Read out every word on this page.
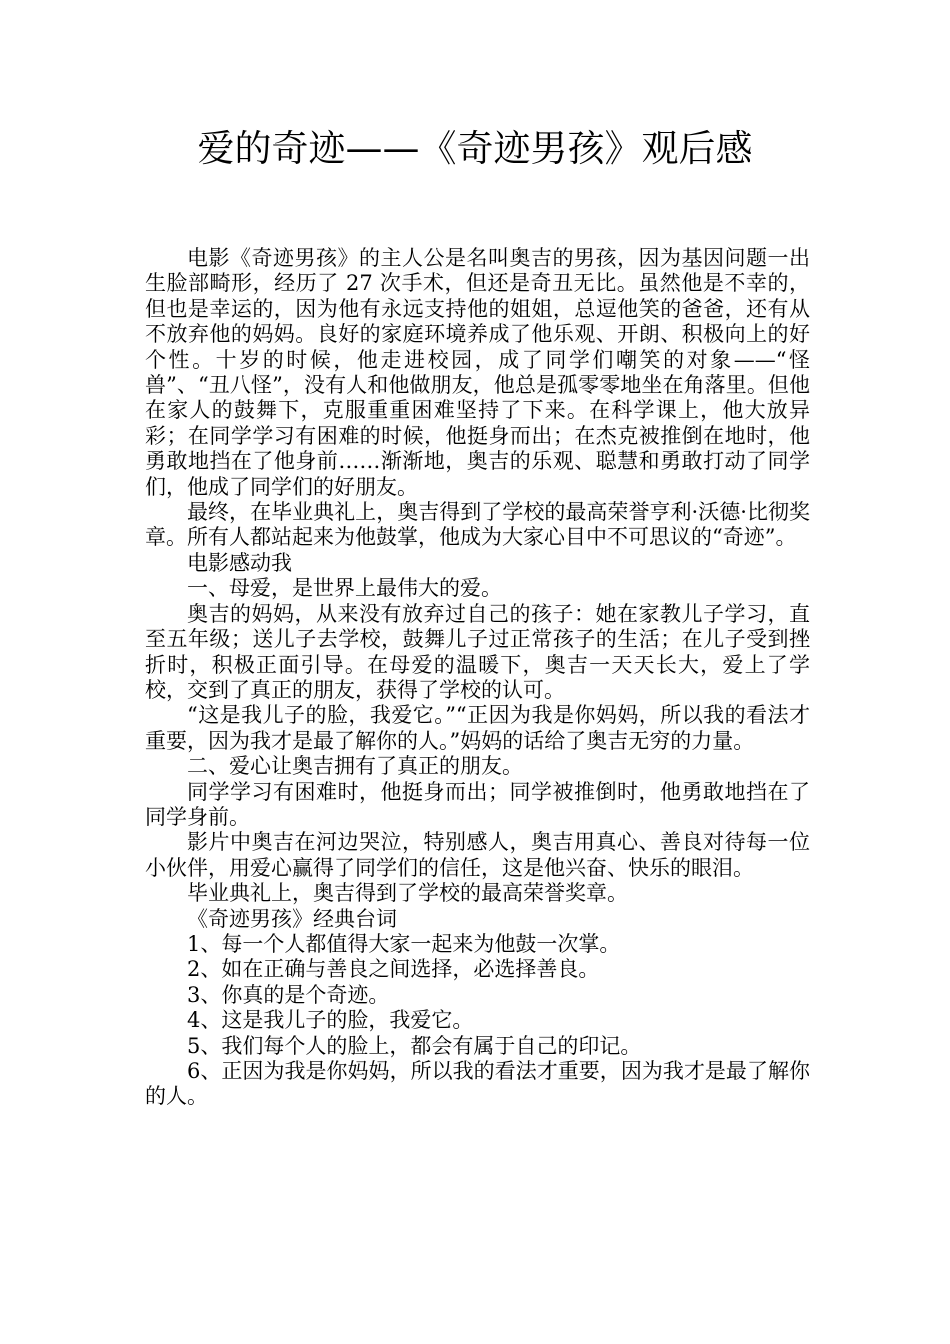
爱的奇迹——《奇迹男孩》观后感

电影《奇迹男孩》的主人公是名叫奥吉的男孩，因为基因问题一出生脸部畸形，经历了 27 次手术，但还是奇丑无比。虽然他是不幸的，但也是幸运的，因为他有永远支持他的姐姐，总逗他笑的爸爸，还有从不放弃他的妈妈。良好的家庭环境养成了他乐观、开朗、积极向上的好个性。十岁的时候，他走进校园，成了同学们嘲笑的对象——“怪兽”、“丑八怪”，没有人和他做朋友，他总是孤零零地坐在角落里。但他在家人的鼓舞下，克服重重困难坚持了下来。在科学课上，他大放异彩；在同学学习有困难的时候，他挺身而出；在杰克被推倒在地时，他勇敢地挡在了他身前……渐渐地，奥吉的乐观、聪慧和勇敢打动了同学们，他成了同学们的好朋友。

最终，在毕业典礼上，奥吉得到了学校的最高荣誉亨利·沃德·比彻奖章。所有人都站起来为他鼓掌，他成为大家心目中不可思议的“奇迹”。

电影感动我

一、母爱，是世界上最伟大的爱。

奥吉的妈妈，从来没有放弃过自己的孩子：她在家教儿子学习，直至五年级；送儿子去学校，鼓舞儿子过正常孩子的生活；在儿子受到挫折时，积极正面引导。在母爱的温暖下，奥吉一天天长大，爱上了学校，交到了真正的朋友，获得了学校的认可。

“这是我儿子的脸，我爱它。”“正因为我是你妈妈，所以我的看法才重要，因为我才是最了解你的人。”妈妈的话给了奥吉无穷的力量。

二、爱心让奥吉拥有了真正的朋友。

同学学习有困难时，他挺身而出；同学被推倒时，他勇敢地挡在了同学身前。

影片中奥吉在河边哭泣，特别感人，奥吉用真心、善良对待每一位小伙伴，用爱心赢得了同学们的信任，这是他兴奋、快乐的眼泪。

毕业典礼上，奥吉得到了学校的最高荣誉奖章。

《奇迹男孩》经典台词

1、每一个人都值得大家一起来为他鼓一次掌。

2、如在正确与善良之间选择，必选择善良。

3、你真的是个奇迹。

4、这是我儿子的脸，我爱它。

5、我们每个人的脸上，都会有属于自己的印记。

6、正因为我是你妈妈，所以我的看法才重要，因为我才是最了解你的人。
